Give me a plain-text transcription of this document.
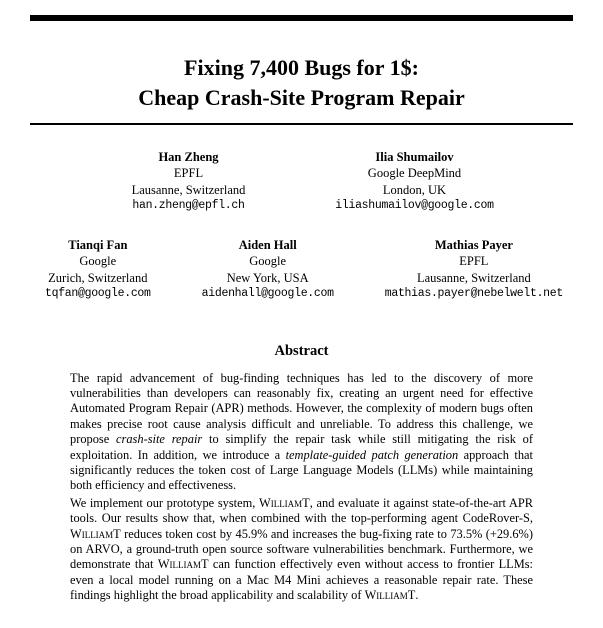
Fixing 7,400 Bugs for 1$:
Cheap Crash-Site Program Repair
Han Zheng
EPFL
Lausanne, Switzerland
han.zheng@epfl.ch
Ilia Shumailov
Google DeepMind
London, UK
iliashumailov@google.com
Tianqi Fan
Google
Zurich, Switzerland
tqfan@google.com
Aiden Hall
Google
New York, USA
aidenhall@google.com
Mathias Payer
EPFL
Lausanne, Switzerland
mathias.payer@nebelwelt.net
Abstract

The rapid advancement of bug-finding techniques has led to the discovery of more vulnerabilities than developers can reasonably fix, creating an urgent need for effective Automated Program Repair (APR) methods. However, the complexity of modern bugs often makes precise root cause analysis difficult and unreliable. To address this challenge, we propose crash-site repair to simplify the repair task while still mitigating the risk of exploitation. In addition, we introduce a template-guided patch generation approach that significantly reduces the token cost of Large Language Models (LLMs) while maintaining both efficiency and effectiveness.

We implement our prototype system, WilliamT, and evaluate it against state-of-the-art APR tools. Our results show that, when combined with the top-performing agent CodeRover-S, WilliamT reduces token cost by 45.9% and increases the bug-fixing rate to 73.5% (+29.6%) on ARVO, a ground-truth open source software vulnerabilities benchmark. Furthermore, we demonstrate that WilliamT can function effectively even without access to frontier LLMs: even a local model running on a Mac M4 Mini achieves a reasonable repair rate. These findings highlight the broad applicability and scalability of WilliamT.
